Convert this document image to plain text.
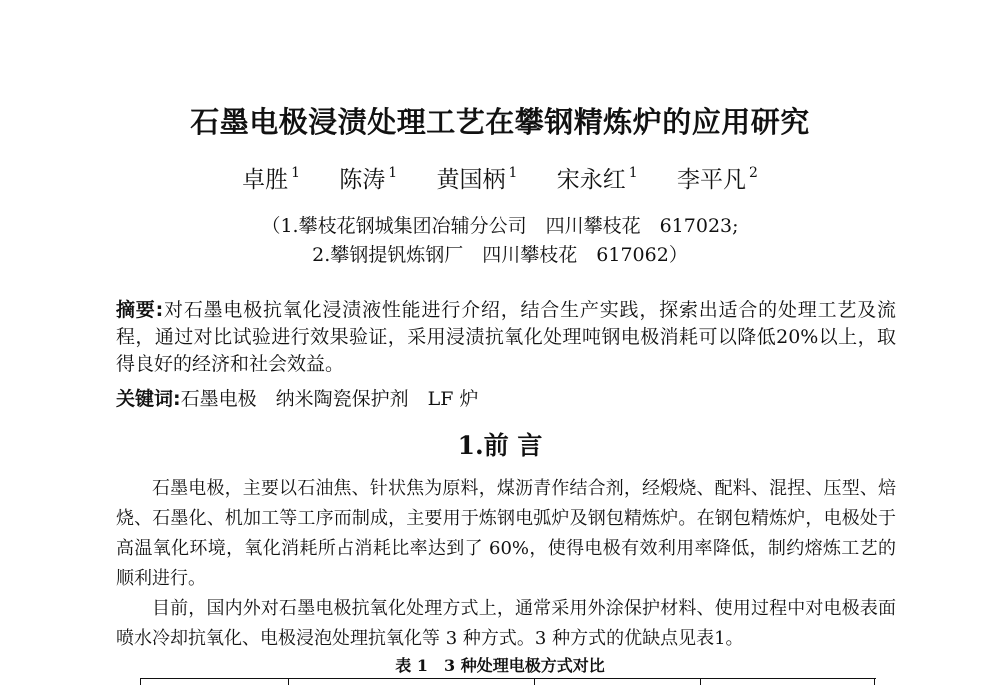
石墨电极浸渍处理工艺在攀钢精炼炉的应用研究
卓胜 $^1$ 陈涛 $^1$ 黄国柄 $^1$ 宋永红 $^1$ 李平凡 $^2$
（1.攀枝花钢城集团冶辅分公司　四川攀枝花　617023;
2.攀钢提钒炼钢厂　四川攀枝花　617062）
摘要:对石墨电极抗氧化浸渍液性能进行介绍，结合生产实践，探索出适合的处理工艺及流程，通过对比试验进行效果验证，采用浸渍抗氧化处理吨钢电极消耗可以降低20%以上，取得良好的经济和社会效益。
关键词:石墨电极　纳米陶瓷保护剂　LF 炉
1.前 言
石墨电极，主要以石油焦、针状焦为原料，煤沥青作结合剂，经煅烧、配料、混捏、压型、焙烧、石墨化、机加工等工序而制成，主要用于炼钢电弧炉及钢包精炼炉。在钢包精炼炉，电极处于高温氧化环境，氧化消耗所占消耗比率达到了 60%，使得电极有效利用率降低，制约熔炼工艺的顺利进行。
目前，国内外对石墨电极抗氧化处理方式上，通常采用外涂保护材料、使用过程中对电极表面喷水冷却抗氧化、电极浸泡处理抗氧化等 3 种方式。3 种方式的优缺点见表1。
表 1　3 种处理电极方式对比
